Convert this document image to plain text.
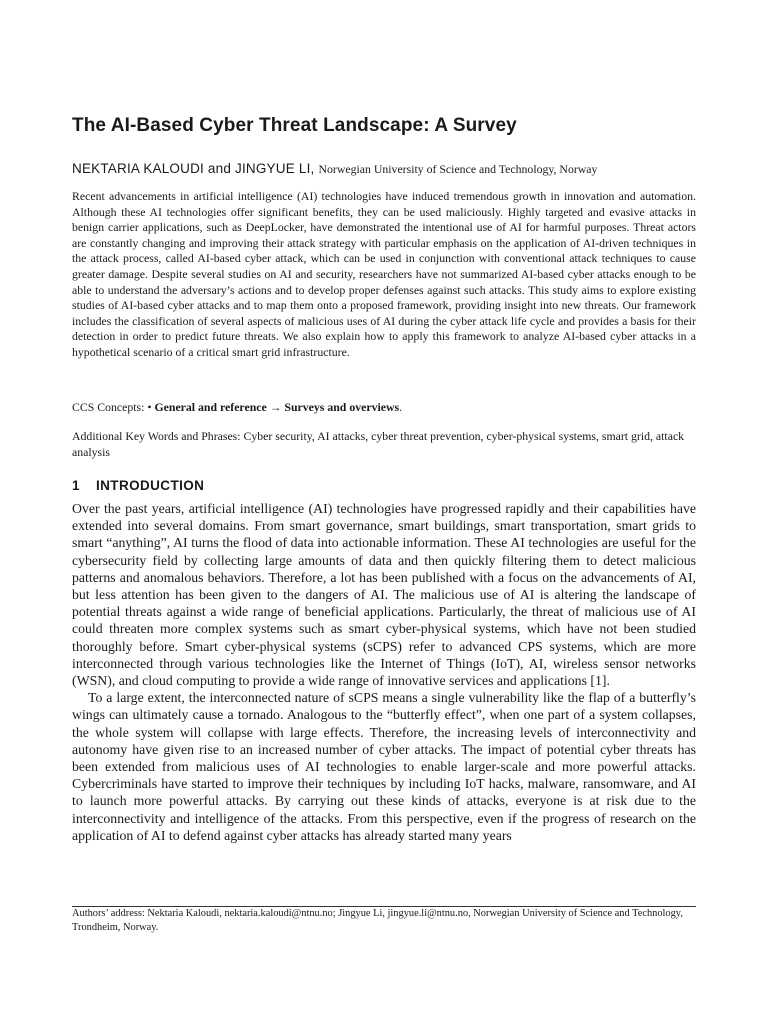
The AI-Based Cyber Threat Landscape: A Survey
NEKTARIA KALOUDI and JINGYUE LI, Norwegian University of Science and Technology, Norway
Recent advancements in artificial intelligence (AI) technologies have induced tremendous growth in innovation and automation. Although these AI technologies offer significant benefits, they can be used maliciously. Highly targeted and evasive attacks in benign carrier applications, such as DeepLocker, have demonstrated the intentional use of AI for harmful purposes. Threat actors are constantly changing and improving their attack strategy with particular emphasis on the application of AI-driven techniques in the attack process, called AI-based cyber attack, which can be used in conjunction with conventional attack techniques to cause greater damage. Despite several studies on AI and security, researchers have not summarized AI-based cyber attacks enough to be able to understand the adversary’s actions and to develop proper defenses against such attacks. This study aims to explore existing studies of AI-based cyber attacks and to map them onto a proposed framework, providing insight into new threats. Our framework includes the classification of several aspects of malicious uses of AI during the cyber attack life cycle and provides a basis for their detection in order to predict future threats. We also explain how to apply this framework to analyze AI-based cyber attacks in a hypothetical scenario of a critical smart grid infrastructure.
CCS Concepts: • General and reference → Surveys and overviews.
Additional Key Words and Phrases: Cyber security, AI attacks, cyber threat prevention, cyber-physical systems, smart grid, attack analysis
1 INTRODUCTION

Over the past years, artificial intelligence (AI) technologies have progressed rapidly and their capabilities have extended into several domains. From smart governance, smart buildings, smart transportation, smart grids to smart “anything”, AI turns the flood of data into actionable information. These AI technologies are useful for the cybersecurity field by collecting large amounts of data and then quickly filtering them to detect malicious patterns and anomalous behaviors. Therefore, a lot has been published with a focus on the advancements of AI, but less attention has been given to the dangers of AI. The malicious use of AI is altering the landscape of potential threats against a wide range of beneficial applications. Particularly, the threat of malicious use of AI could threaten more complex systems such as smart cyber-physical systems, which have not been studied thoroughly before. Smart cyber-physical systems (sCPS) refer to advanced CPS systems, which are more interconnected through various technologies like the Internet of Things (IoT), AI, wireless sensor networks (WSN), and cloud computing to provide a wide range of innovative services and applications [1].

To a large extent, the interconnected nature of sCPS means a single vulnerability like the flap of a butterfly’s wings can ultimately cause a tornado. Analogous to the “butterfly effect”, when one part of a system collapses, the whole system will collapse with large effects. Therefore, the increasing levels of interconnectivity and autonomy have given rise to an increased number of cyber attacks. The impact of potential cyber threats has been extended from malicious uses of AI technologies to enable larger-scale and more powerful attacks. Cybercriminals have started to improve their techniques by including IoT hacks, malware, ransomware, and AI to launch more powerful attacks. By carrying out these kinds of attacks, everyone is at risk due to the interconnectivity and intelligence of the attacks. From this perspective, even if the progress of research on the application of AI to defend against cyber attacks has already started many years

Authors’ address: Nektaria Kaloudi, nektaria.kaloudi@ntnu.no; Jingyue Li, jingyue.li@ntnu.no, Norwegian University of Science and Technology, Trondheim, Norway.
